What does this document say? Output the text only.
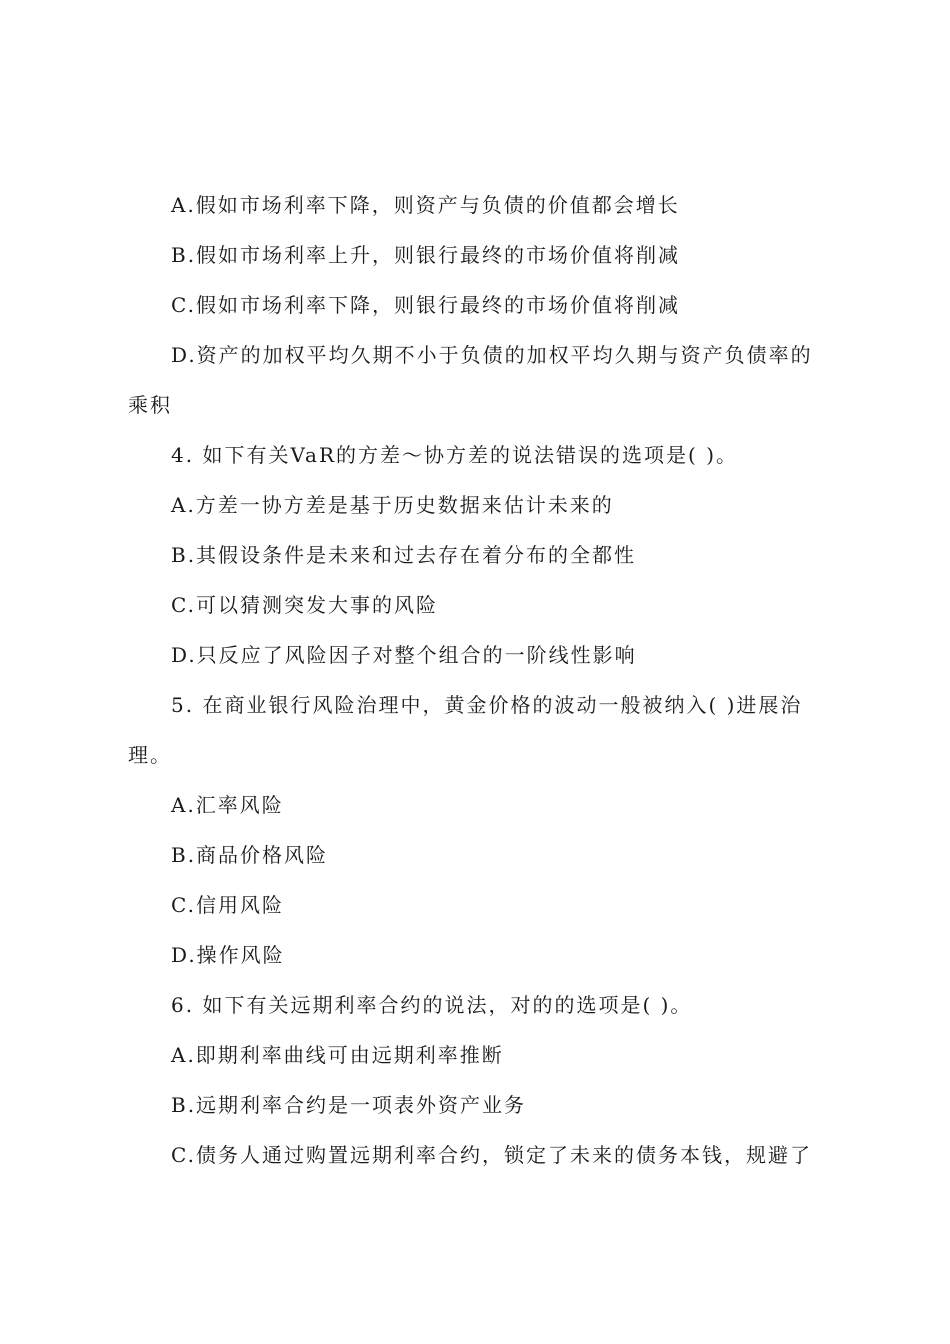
A.假如市场利率下降，则资产与负债的价值都会增长
B.假如市场利率上升，则银行最终的市场价值将削减
C.假如市场利率下降，则银行最终的市场价值将削减
D.资产的加权平均久期不小于负债的加权平均久期与资产负债率的
乘积
4. 如下有关VaR的方差～协方差的说法错误的选项是( )。
A.方差一协方差是基于历史数据来估计未来的
B.其假设条件是未来和过去存在着分布的全都性
C.可以猜测突发大事的风险
D.只反应了风险因子对整个组合的一阶线性影响
5. 在商业银行风险治理中，黄金价格的波动一般被纳入( )进展治
理。
A.汇率风险
B.商品价格风险
C.信用风险
D.操作风险
6. 如下有关远期利率合约的说法，对的的选项是( )。
A.即期利率曲线可由远期利率推断
B.远期利率合约是一项表外资产业务
C.债务人通过购置远期利率合约，锁定了未来的债务本钱，规避了
